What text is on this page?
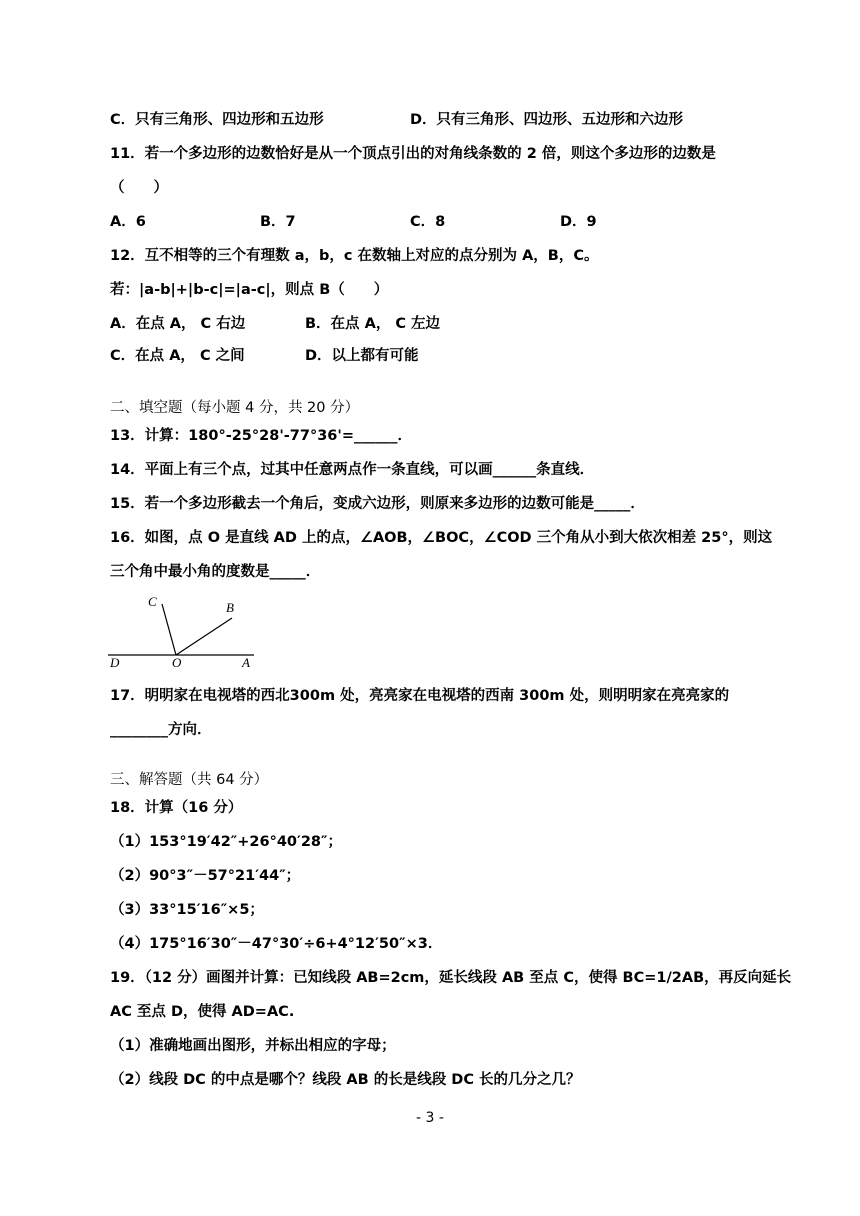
C．只有三角形、四边形和五边形	D．只有三角形、四边形、五边形和六边形
11．若一个多边形的边数恰好是从一个顶点引出的对角线条数的 2 倍，则这个多边形的边数是
（　　）
A．6	B．7	C．8	D．9
12．互不相等的三个有理数 a，b，c 在数轴上对应的点分别为 A，B，C。
若：|a-b|+|b-c|=|a-c|，则点 B（　　）
A．在点 A， C 右边	B．在点 A， C 左边
C．在点 A， C 之间	D．以上都有可能
二、填空题（每小题 4 分，共 20 分）
13．计算：180°-25°28'-77°36'=______．
14．平面上有三个点，过其中任意两点作一条直线，可以画______条直线．
15．若一个多边形截去一个角后，变成六边形，则原来多边形的边数可能是_____．
16．如图，点 O 是直线 AD 上的点，∠AOB，∠BOC，∠COD 三个角从小到大依次相差 25°，则这
三个角中最小角的度数是_____．
C	B
D	O	A
17．明明家在电视塔的西北300m 处，亮亮家在电视塔的西南 300m 处，则明明家在亮亮家的
________方向．
三、解答题（共 64 分）
18．计算（16 分）
（1）153°19′42″+26°40′28″；
（2）90°3″－57°21′44″；
（3）33°15′16″×5；
（4）175°16′30″－47°30′÷6+4°12′50″×3．
19．（12 分）画图并计算：已知线段 AB=2cm，延长线段 AB 至点 C，使得 BC=1/2AB，再反向延长
AC 至点 D，使得 AD=AC.
（1）准确地画出图形，并标出相应的字母；
（2）线段 DC 的中点是哪个？线段 AB 的长是线段 DC 长的几分之几？
- 3 -
